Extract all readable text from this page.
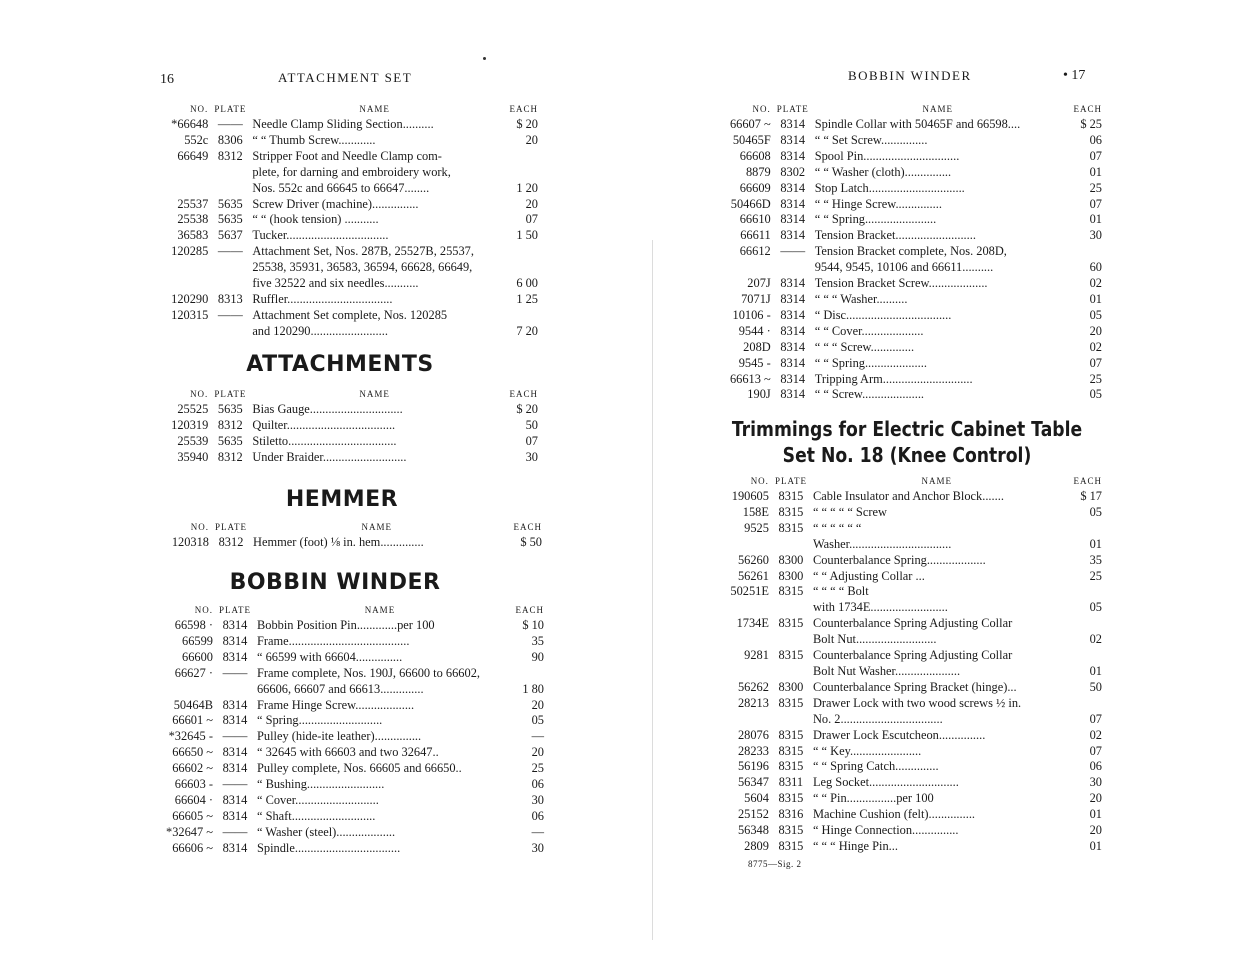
16	ATTACHMENT SET
NO.	PLATE	NAME	EACH
*66648	——	Needle Clamp Sliding Section..........	$ 20
552c	8306	“ “ Thumb Screw............	20
66649	8312	Stripper Foot and Needle Clamp com-	
		plete, for darning and embroidery work,	
		Nos. 552c and 66645 to 66647........	1 20
25537	5635	Screw Driver (machine)...............	20
25538	5635	“ “ (hook tension) ...........	07
36583	5637	Tucker.................................	1 50
120285	——	Attachment Set, Nos. 287B, 25527B, 25537,	
		25538, 35931, 36583, 36594, 66628, 66649,	
		five 32522 and six needles...........	6 00
120290	8313	Ruffler..................................	1 25
120315	——	Attachment Set complete, Nos. 120285	
		and 120290.........................	7 20
ATTACHMENTS
NO.	PLATE	NAME	EACH
25525	5635	Bias Gauge..............................	$ 20
120319	8312	Quilter...................................	50
25539	5635	Stiletto...................................	07
35940	8312	Under Braider...........................	30
HEMMER
NO.	PLATE	NAME	EACH
120318	8312	Hemmer (foot) ⅛ in. hem..............	$ 50
BOBBIN WINDER
NO.	PLATE	NAME	EACH
66598 ·	8314	Bobbin Position Pin.............per 100	$ 10
66599	8314	Frame.......................................	35
66600	8314	“ 66599 with 66604...............	90
66627 ·	——	Frame complete, Nos. 190J, 66600 to 66602,	
		66606, 66607 and 66613..............	1 80
50464B	8314	Frame Hinge Screw...................	20
66601 ~	8314	“ Spring...........................	05
*32645 -	——	Pulley (hide-ite leather)...............	—
66650 ~	8314	“ 32645 with 66603 and two 32647..	20
66602 ~	8314	Pulley complete, Nos. 66605 and 66650..	25
66603 -	——	“ Bushing.........................	06
66604 ·	8314	“ Cover...........................	30
66605 ~	8314	“ Shaft...........................	06
*32647 ~	——	“ Washer (steel)...................	—
66606 ~	8314	Spindle..................................	30
BOBBIN WINDER	• 17
NO.	PLATE	NAME	EACH
66607 ~	8314	Spindle Collar with 50465F and 66598....	$ 25
50465F	8314	“ “ Set Screw...............	06
66608	8314	Spool Pin...............................	07
8879	8302	“ “ Washer (cloth)...............	01
66609	8314	Stop Latch...............................	25
50466D	8314	“ “ Hinge Screw...............	07
66610	8314	“ “ Spring.......................	01
66611	8314	Tension Bracket..........................	30
66612	——	Tension Bracket complete, Nos. 208D,	
		9544, 9545, 10106 and 66611..........	60
207J	8314	Tension Bracket Screw...................	02
7071J	8314	“ “ “ Washer..........	01
10106 -	8314	“ Disc..................................	05
9544 ·	8314	“ “ Cover....................	20
208D	8314	“ “ “ Screw..............	02
9545 -	8314	“ “ Spring....................	07
66613 ~	8314	Tripping Arm.............................	25
190J	8314	“ “ Screw....................	05
Trimmings for Electric Cabinet Table
Set No. 18 (Knee Control)
NO.	PLATE	NAME	EACH
190605	8315	Cable Insulator and Anchor Block.......	$ 17
158E	8315	“ “ “ “ “ Screw	05
9525	8315	“ “ “ “ “ “	
		Washer.................................	01
56260	8300	Counterbalance Spring...................	35
56261	8300	“ “ Adjusting Collar ...	25
50251E	8315	“ “ “ “ Bolt	
		with 1734E.........................	05
1734E	8315	Counterbalance Spring Adjusting Collar	
		Bolt Nut..........................	02
9281	8315	Counterbalance Spring Adjusting Collar	
		Bolt Nut Washer.....................	01
56262	8300	Counterbalance Spring Bracket (hinge)...	50
28213	8315	Drawer Lock with two wood screws ½ in.	
		No. 2.................................	07
28076	8315	Drawer Lock Escutcheon...............	02
28233	8315	“ “ Key.......................	07
56196	8315	“ “ Spring Catch..............	06
56347	8311	Leg Socket.............................	30
5604	8315	“ “ Pin................per 100	20
25152	8316	Machine Cushion (felt)...............	01
56348	8315	“ Hinge Connection...............	20
2809	8315	“ “ “ Hinge Pin...	01
8775—Sig. 2
